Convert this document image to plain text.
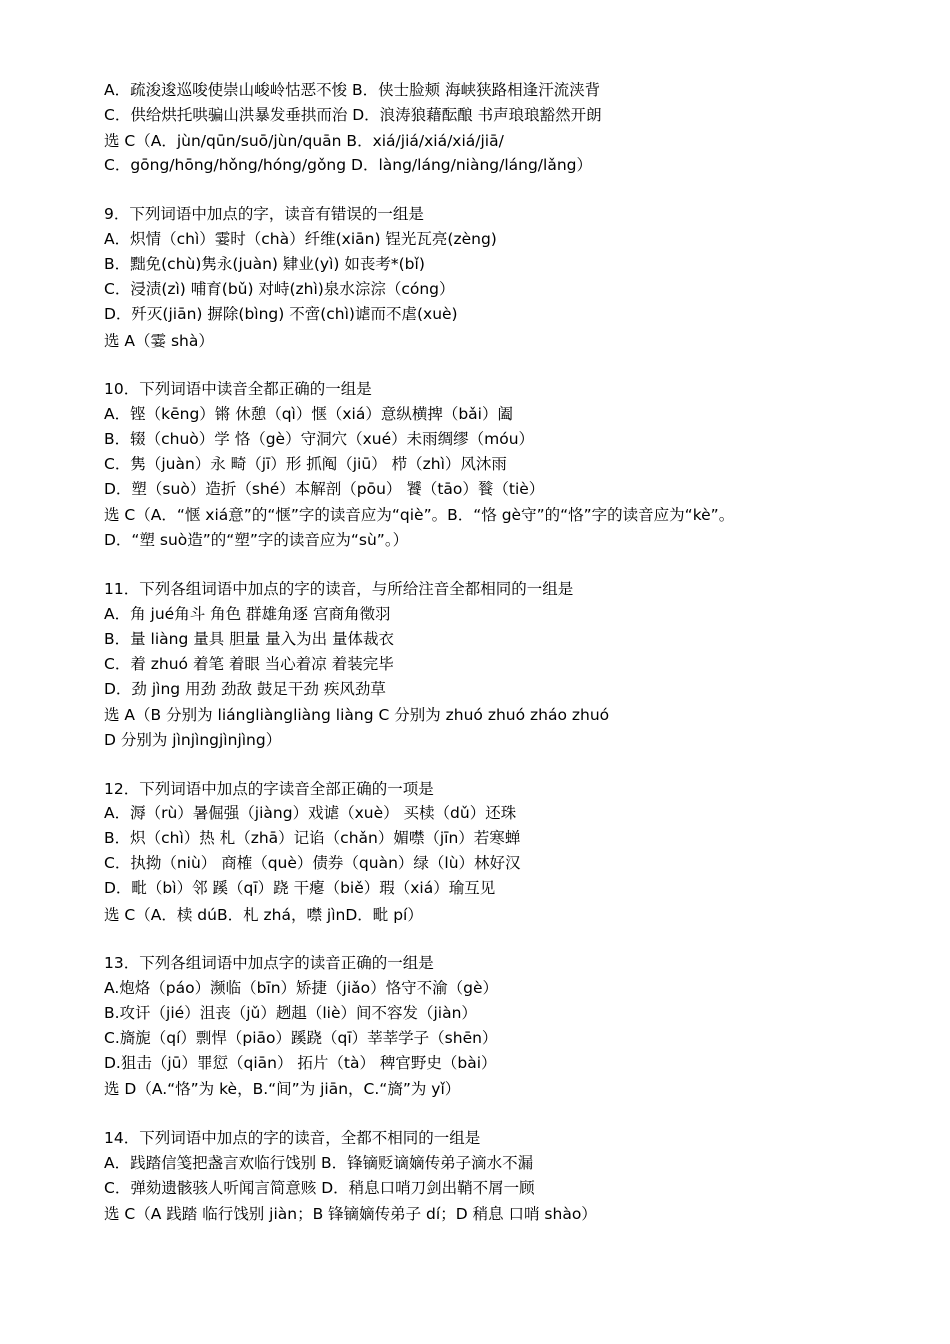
A．疏浚逡巡唆使崇山峻岭怙恶不悛 B．侠士脸颊 海峡狭路相逢汗流浃背
C．供给烘托哄骗山洪暴发垂拱而治 D．浪涛狼藉酝酿 书声琅琅豁然开朗
选 C（A．jùn/qūn/suō/jùn/quān B．xiá/jiá/xiá/xiá/jiā/
C．gōng/hōng/hǒng/hóng/gǒng D．làng/láng/niàng/láng/lǎng）
9．下列词语中加点的字，读音有错误的一组是
A．炽情（chì）霎时（chà）纤维(xiān) 锃光瓦亮(zèng)
B．黜免(chù)隽永(juàn) 肄业(yì) 如丧考*(bǐ)
C．浸渍(zì) 哺育(bǔ) 对峙(zhì)泉水淙淙（cóng）
D．歼灭(jiān) 摒除(bìng) 不啻(chì)谑而不虐(xuè)
选 A（霎 shà）
10．下列词语中读音全都正确的一组是
A．铿（kēng）锵 休憩（qì）惬（xiá）意纵横捭（bǎi）阖
B．辍（chuò）学 恪（gè）守洞穴（xué）未雨绸缪（móu）
C．隽（juàn）永 畸（jī）形 抓阄（jiū） 栉（zhì）风沐雨
D．塑（suò）造折（shé）本解剖（pōu） 饕（tāo）餮（tiè）
选 C（A．“惬 xiá意”的“惬”字的读音应为“qiè”。B．“恪 gè守”的“恪”字的读音应为“kè”。
D．“塑 suò造”的“塑”字的读音应为“sù”。）
11．下列各组词语中加点的字的读音，与所给注音全都相同的一组是
A．角 jué角斗 角色 群雄角逐 宫商角徵羽
B．量 liàng 量具 胆量 量入为出 量体裁衣
C．着 zhuó 着笔 着眼 当心着凉 着装完毕
D．劲 jìng 用劲 劲敌 鼓足干劲 疾风劲草
选 A（B 分别为 liángliàngliàng liàng C 分别为 zhuó zhuó zháo zhuó
D 分别为 jìnjìngjìnjìng）
12．下列词语中加点的字读音全部正确的一项是
A．溽（rù）暑倔强（jiàng）戏谑（xuè） 买椟（dǔ）还珠
B．炽（chì）热 札（zhā）记谄（chǎn）媚噤（jīn）若寒蝉
C．执拗（niù） 商榷（què）债券（quàn）绿（lù）林好汉
D．毗（bì）邻 蹊（qī）跷 干瘪（biě）瑕（xiá）瑜互见
选 C（A．椟 dúB．札 zhá，噤 jìnD．毗 pí）
13．下列各组词语中加点字的读音正确的一组是
A.炮烙（páo）濒临（bīn）矫捷（jiǎo）恪守不渝（gè）
B.攻讦（jié）沮丧（jǔ）趔趄（liè）间不容发（jiàn）
C.旖旎（qí）剽悍（piāo）蹊跷（qī）莘莘学子（shēn）
D.狙击（jū）罪愆（qiān） 拓片（tà） 稗官野史（bài）
选 D（A.“恪”为 kè，B.“间”为 jiān，C.“旖”为 yǐ）
14．下列词语中加点的字的读音，全都不相同的一组是
A．践踏信笺把盏言欢临行饯别 B．锋镝贬谪嫡传弟子滴水不漏
C．弹劾遗骸骇人听闻言简意赅 D．稍息口哨刀剑出鞘不屑一顾
选 C（A 践踏 临行饯别 jiàn；B 锋镝嫡传弟子 dí；D 稍息 口哨 shào）
